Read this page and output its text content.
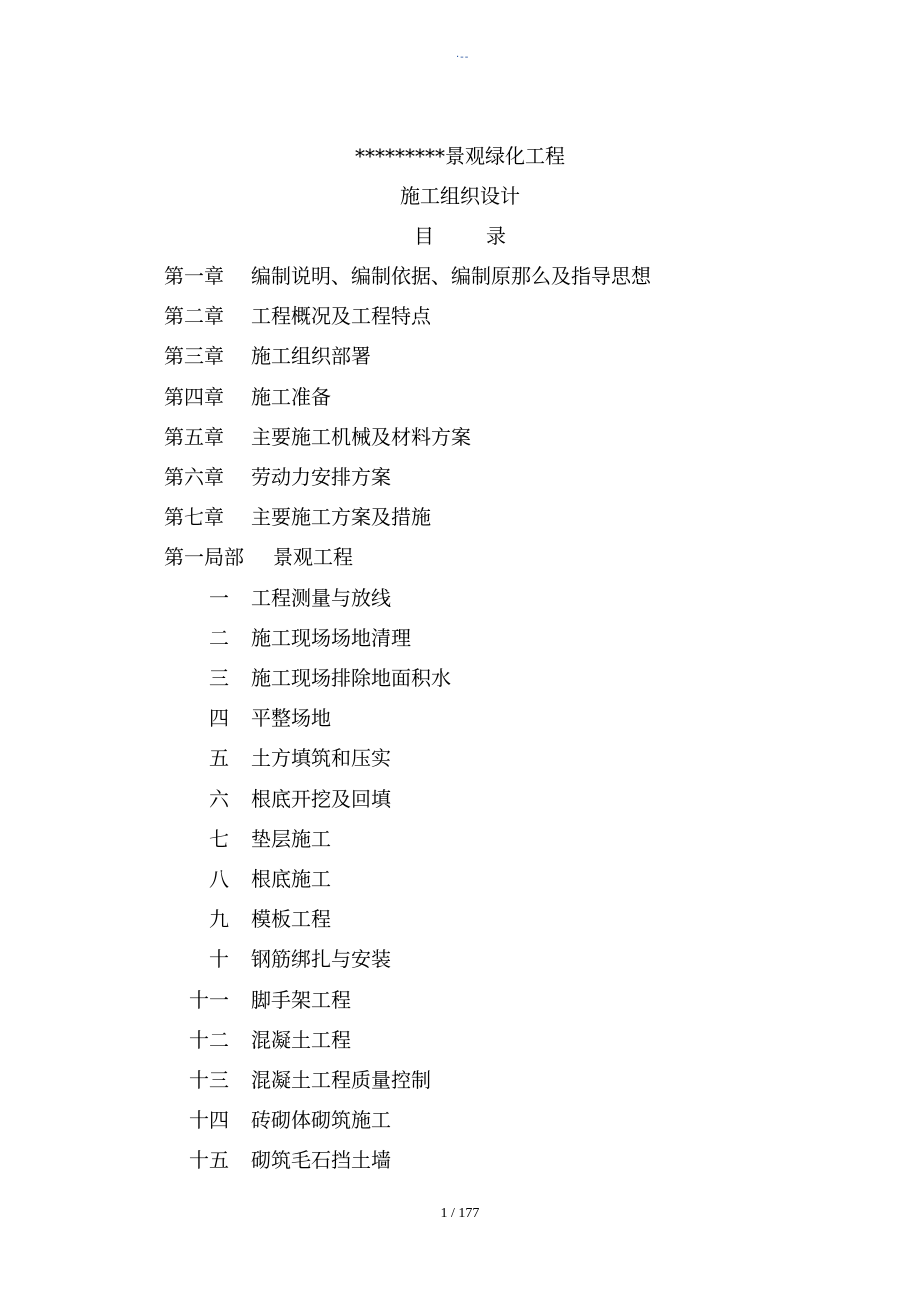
·--
*********景观绿化工程
施工组织设计
目	录
第一章 编制说明、编制依据、编制原那么及指导思想
第二章 工程概况及工程特点
第三章 施工组织部署
第四章 施工准备
第五章 主要施工机械及材料方案
第六章 劳动力安排方案
第七章 主要施工方案及措施
第一局部 景观工程
一 工程测量与放线
二 施工现场场地清理
三 施工现场排除地面积水
四 平整场地
五 土方填筑和压实
六 根底开挖及回填
七 垫层施工
八 根底施工
九 模板工程
十 钢筋绑扎与安装
十一 脚手架工程
十二 混凝土工程
十三 混凝土工程质量控制
十四 砖砌体砌筑施工
十五 砌筑毛石挡土墙
1 / 177
